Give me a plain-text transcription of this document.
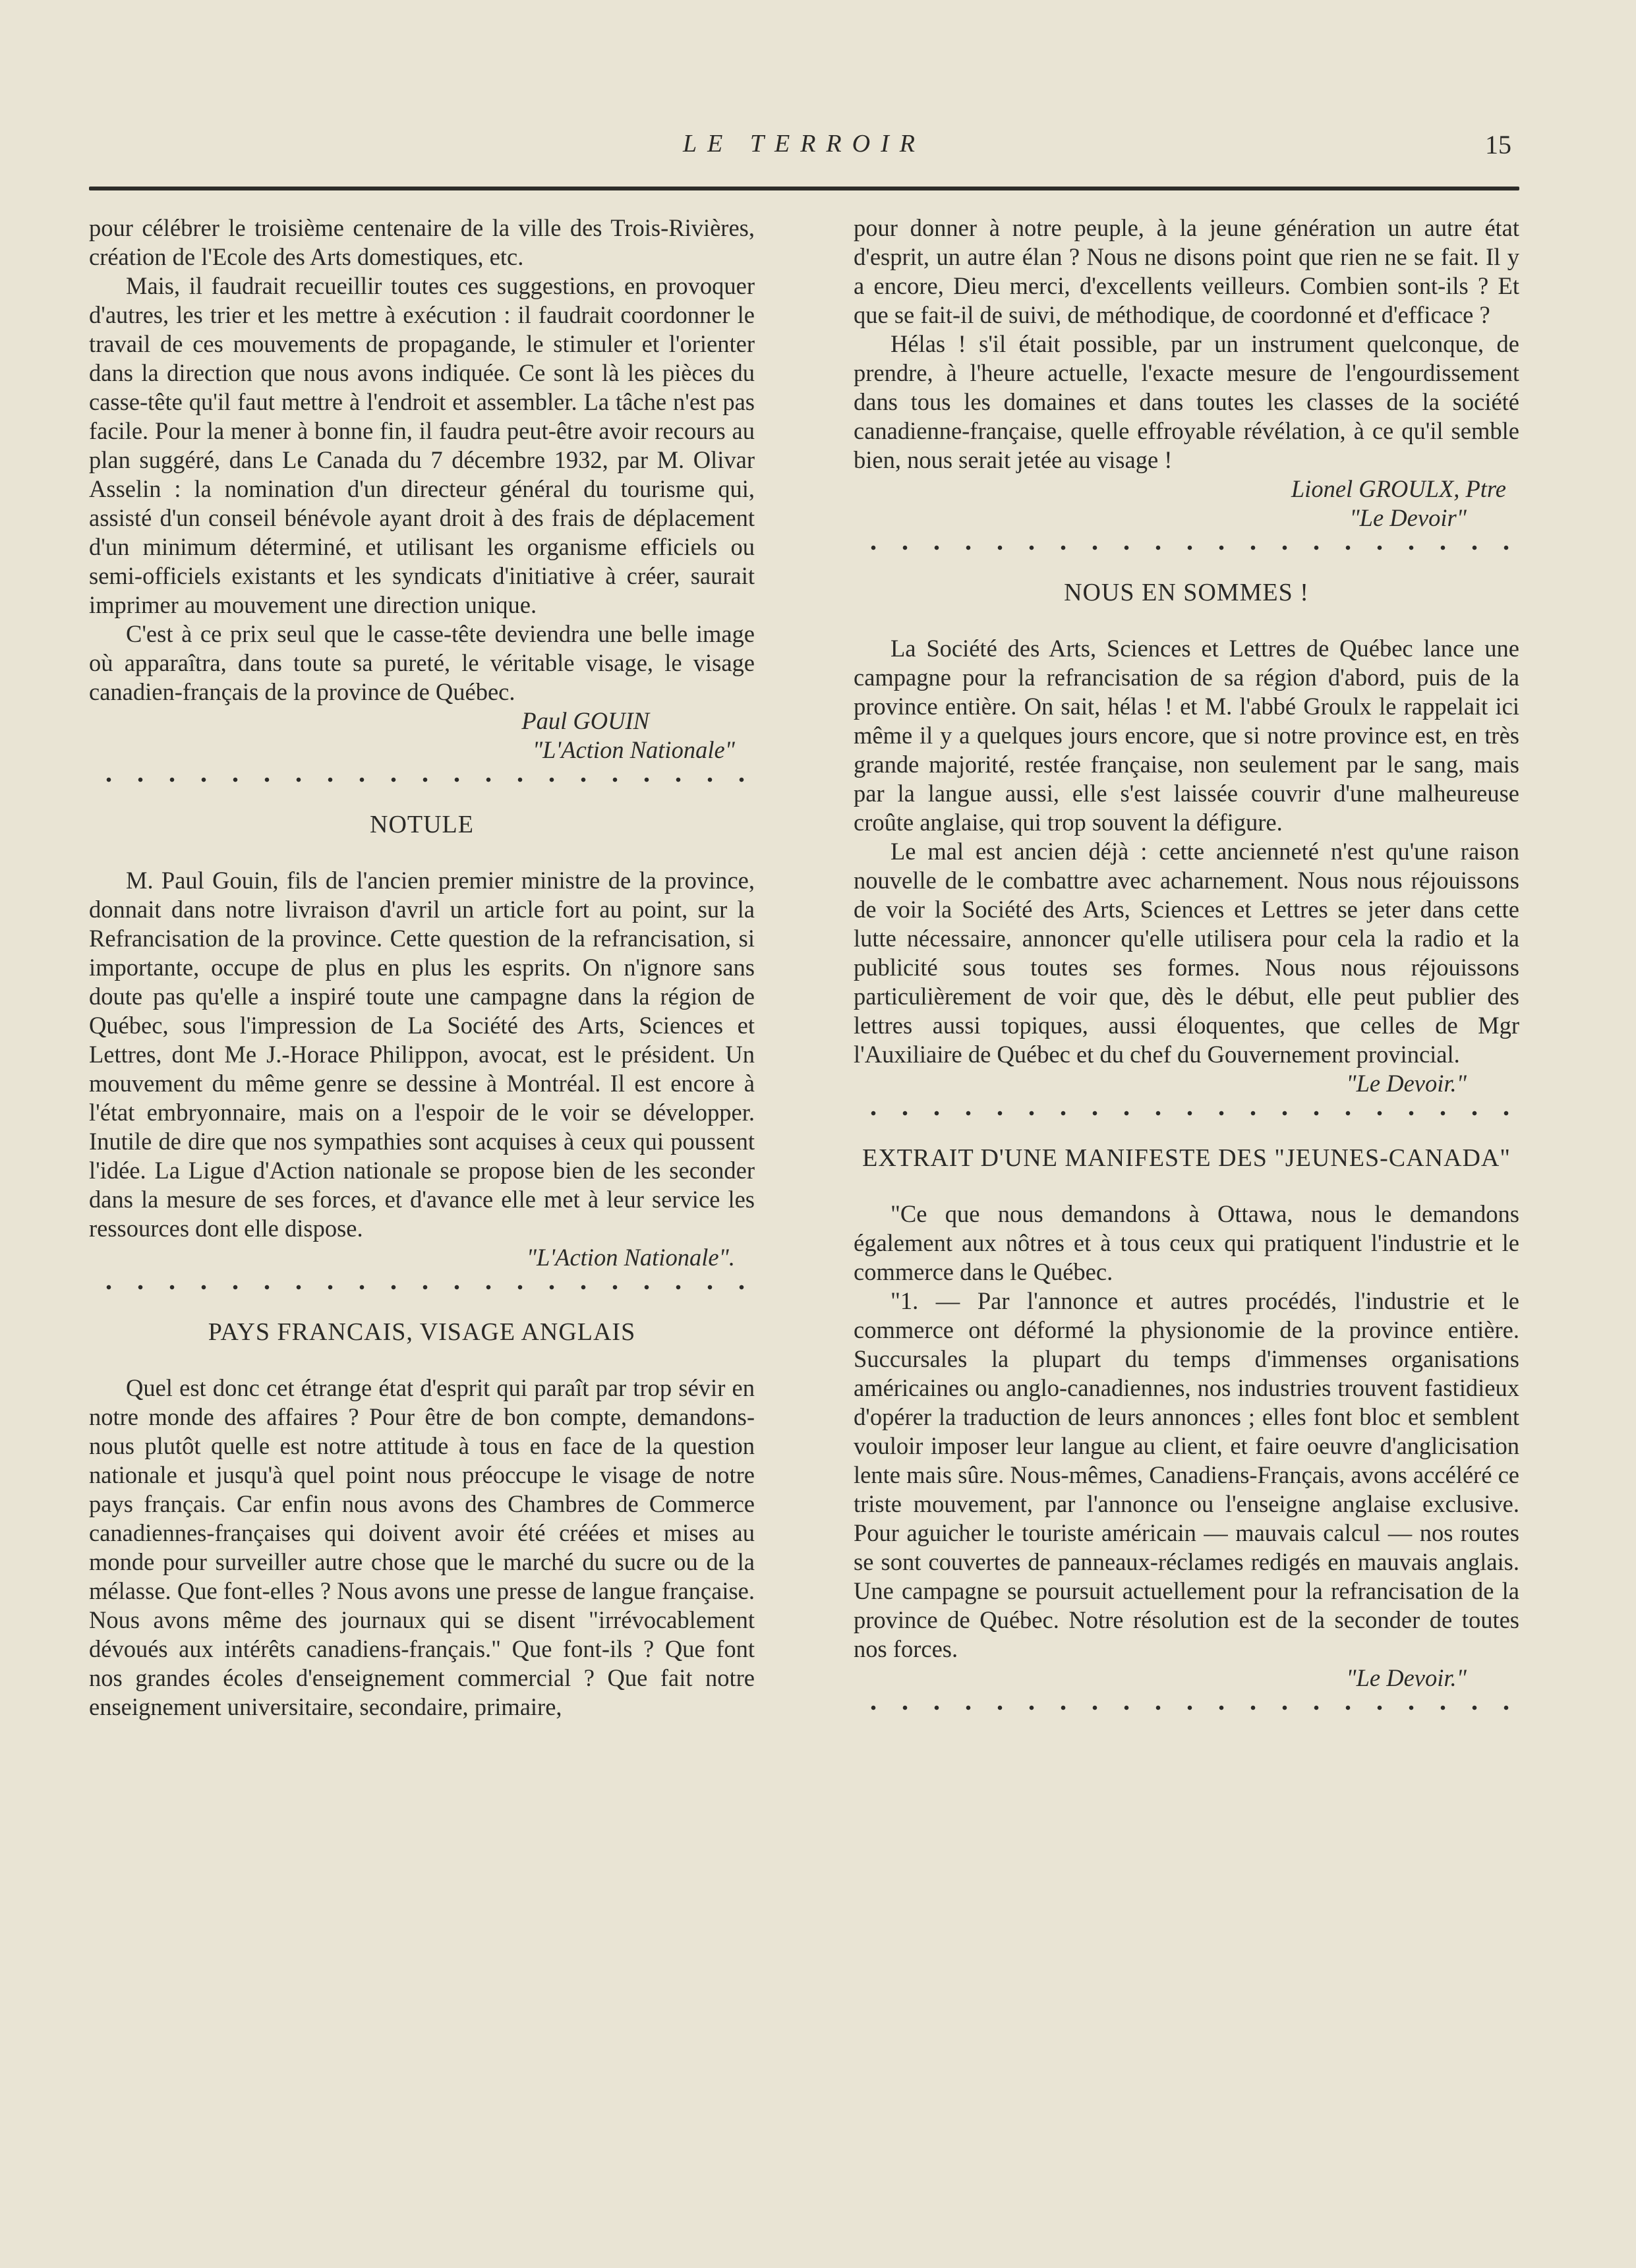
LE TERROIR	15

pour célébrer le troisième centenaire de la ville des Trois-Rivières, création de l'Ecole des Arts domestiques, etc.

Mais, il faudrait recueillir toutes ces suggestions, en provoquer d'autres, les trier et les mettre à exécution : il faudrait coordonner le travail de ces mouvements de propagande, le stimuler et l'orienter dans la direction que nous avons indiquée. Ce sont là les pièces du casse-tête qu'il faut mettre à l'endroit et assembler. La tâche n'est pas facile. Pour la mener à bonne fin, il faudra peut-être avoir recours au plan suggéré, dans Le Canada du 7 décembre 1932, par M. Olivar Asselin : la nomination d'un directeur général du tourisme qui, assisté d'un conseil bénévole ayant droit à des frais de déplacement d'un minimum déterminé, et utilisant les organisme efficiels ou semi-officiels existants et les syndicats d'initiative à créer, saurait imprimer au mouvement une direction unique.

C'est à ce prix seul que le casse-tête deviendra une belle image où apparaîtra, dans toute sa pureté, le véritable visage, le visage canadien-français de la province de Québec.

Paul GOUIN

"L'Action Nationale"

NOTULE

M. Paul Gouin, fils de l'ancien premier ministre de la province, donnait dans notre livraison d'avril un article fort au point, sur la Refrancisation de la province. Cette question de la refrancisation, si importante, occupe de plus en plus les esprits. On n'ignore sans doute pas qu'elle a inspiré toute une campagne dans la région de Québec, sous l'impression de La Société des Arts, Sciences et Lettres, dont Me J.-Horace Philippon, avocat, est le président. Un mouvement du même genre se dessine à Montréal. Il est encore à l'état embryonnaire, mais on a l'espoir de le voir se développer. Inutile de dire que nos sympathies sont acquises à ceux qui poussent l'idée. La Ligue d'Action nationale se propose bien de les seconder dans la mesure de ses forces, et d'avance elle met à leur service les ressources dont elle dispose.

"L'Action Nationale".

PAYS FRANCAIS, VISAGE ANGLAIS

Quel est donc cet étrange état d'esprit qui paraît par trop sévir en notre monde des affaires ? Pour être de bon compte, demandons-nous plutôt quelle est notre attitude à tous en face de la question nationale et jusqu'à quel point nous préoccupe le visage de notre pays français. Car enfin nous avons des Chambres de Commerce canadiennes-françaises qui doivent avoir été créées et mises au monde pour surveiller autre chose que le marché du sucre ou de la mélasse. Que font-elles ? Nous avons une presse de langue française. Nous avons même des journaux qui se disent "irrévocablement dévoués aux intérêts canadiens-français." Que font-ils ? Que font nos grandes écoles d'enseignement commercial ? Que fait notre enseignement universitaire, secondaire, primaire,

pour donner à notre peuple, à la jeune génération un autre état d'esprit, un autre élan ? Nous ne disons point que rien ne se fait. Il y a encore, Dieu merci, d'excellents veilleurs. Combien sont-ils ? Et que se fait-il de suivi, de méthodique, de coordonné et d'efficace ?

Hélas ! s'il était possible, par un instrument quelconque, de prendre, à l'heure actuelle, l'exacte mesure de l'engourdissement dans tous les domaines et dans toutes les classes de la société canadienne-française, quelle effroyable révélation, à ce qu'il semble bien, nous serait jetée au visage !

Lionel GROULX, Ptre

"Le Devoir"

NOUS EN SOMMES !

La Société des Arts, Sciences et Lettres de Québec lance une campagne pour la refrancisation de sa région d'abord, puis de la province entière. On sait, hélas ! et M. l'abbé Groulx le rappelait ici même il y a quelques jours encore, que si notre province est, en très grande majorité, restée française, non seulement par le sang, mais par la langue aussi, elle s'est laissée couvrir d'une malheureuse croûte anglaise, qui trop souvent la défigure.

Le mal est ancien déjà : cette ancienneté n'est qu'une raison nouvelle de le combattre avec acharnement. Nous nous réjouissons de voir la Société des Arts, Sciences et Lettres se jeter dans cette lutte nécessaire, annoncer qu'elle utilisera pour cela la radio et la publicité sous toutes ses formes. Nous nous réjouissons particulièrement de voir que, dès le début, elle peut publier des lettres aussi topiques, aussi éloquentes, que celles de Mgr l'Auxiliaire de Québec et du chef du Gouvernement provincial.

"Le Devoir."

EXTRAIT D'UNE MANIFESTE DES "JEUNES-CANADA"

"Ce que nous demandons à Ottawa, nous le demandons également aux nôtres et à tous ceux qui pratiquent l'industrie et le commerce dans le Québec.

"1. — Par l'annonce et autres procédés, l'industrie et le commerce ont déformé la physionomie de la province entière. Succursales la plupart du temps d'immenses organisations américaines ou anglo-canadiennes, nos industries trouvent fastidieux d'opérer la traduction de leurs annonces ; elles font bloc et semblent vouloir imposer leur langue au client, et faire oeuvre d'anglicisation lente mais sûre. Nous-mêmes, Canadiens-Français, avons accéléré ce triste mouvement, par l'annonce ou l'enseigne anglaise exclusive. Pour aguicher le touriste américain — mauvais calcul — nos routes se sont couvertes de panneaux-réclames redigés en mauvais anglais. Une campagne se poursuit actuellement pour la refrancisation de la province de Québec. Notre résolution est de la seconder de toutes nos forces.

"Le Devoir."
